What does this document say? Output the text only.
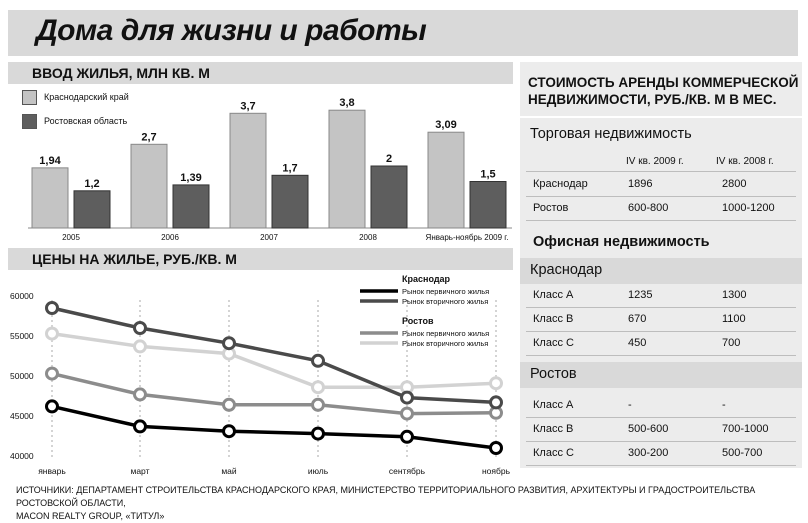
Дома для жизни и работы
ВВОД ЖИЛЬЯ, МЛН КВ. М
Краснодарский край
Ростовская область
1,94
1,2
2005
2,7
1,39
2006
3,7
1,7
2007
3,8
2
2008
3,09
1,5
Январь-ноябрь 2009 г.
ЦЕНЫ НА ЖИЛЬЕ, РУБ./КВ. М
60000
55000
50000
45000
40000
январь	март	май	июль	сентябрь	ноябрь
Краснодар
Рынок первичного жилья
Рынок вторичного жилья
Ростов
Рынок первичного жилья
Рынок вторичного жилья
СТОИМОСТЬ АРЕНДЫ КОММЕРЧЕСКОЙ
НЕДВИЖИМОСТИ, РУБ./КВ. М В МЕС.
Торговая недвижимость
IV кв. 2009 г.	IV кв. 2008 г.
Краснодар	1896	2800
Ростов	600-800	1000-1200
Офисная недвижимость
Краснодар
Класс А	1235	1300
Класс В	670	1100
Класс С	450	700
Ростов
Класс А	-	-
Класс В	500-600	700-1000
Класс С	300-200	500-700
ИСТОЧНИКИ: ДЕПАРТАМЕНТ СТРОИТЕЛЬСТВА КРАСНОДАРСКОГО КРАЯ, МИНИСТЕРСТВО ТЕРРИТОРИАЛЬНОГО РАЗВИТИЯ, АРХИТЕКТУРЫ И ГРАДОСТРОИТЕЛЬСТВА РОСТОВСКОЙ ОБЛАСТИ,
MACON REALTY GROUP, «ТИТУЛ»
